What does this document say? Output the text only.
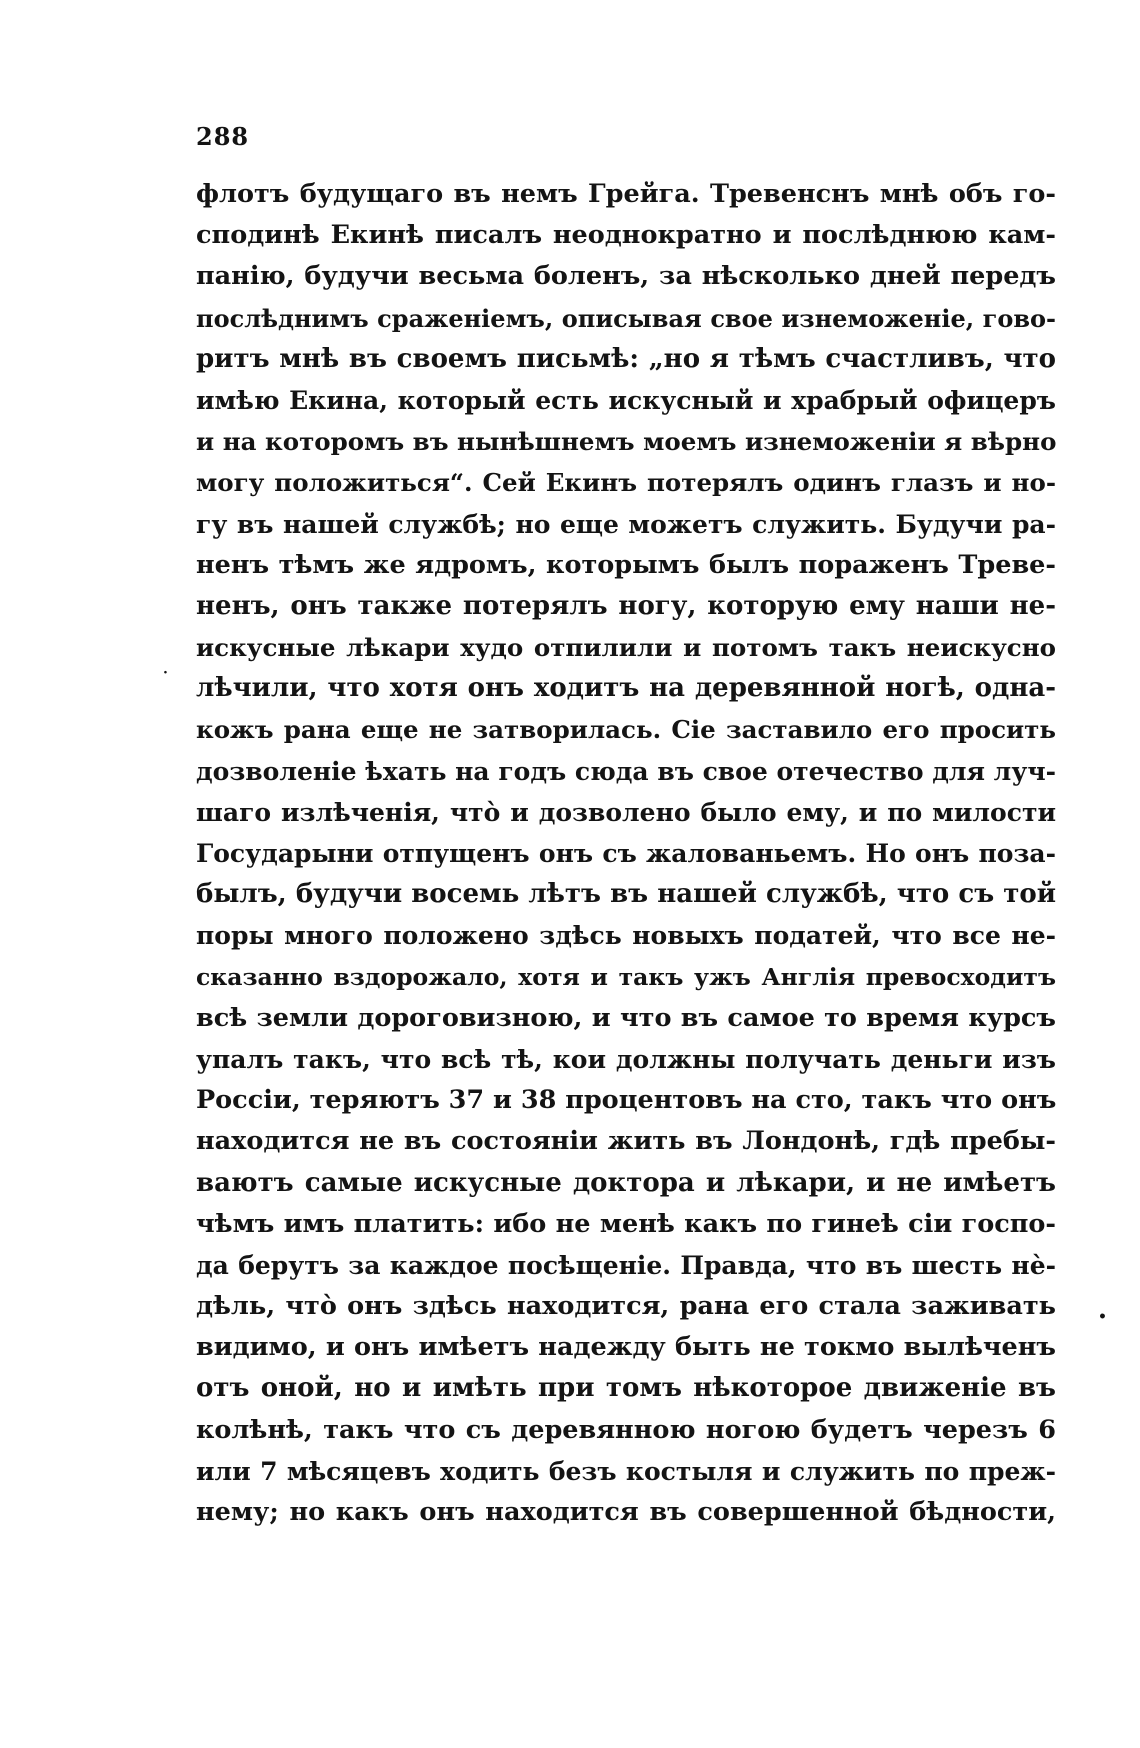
288
флотъ будущаго въ немъ Грейга. Тревенснъ мнѣ объ го-
сподинѣ Екинѣ писалъ неоднократно и послѣднюю кам-
панію, будучи весьма боленъ, за нѣсколько дней передъ
послѣднимъ сраженіемъ, описывая свое изнеможеніе, гово-
ритъ мнѣ въ своемъ письмѣ: „но я тѣмъ счастливъ, что
имѣю Екина, который есть искусный и храбрый офицеръ
и на которомъ въ нынѣшнемъ моемъ изнеможеніи я вѣрно
могу положиться“. Сей Екинъ потерялъ одинъ глазъ и но-
гу въ нашей службѣ; но еще можетъ служить. Будучи ра-
ненъ тѣмъ же ядромъ, которымъ былъ пораженъ Треве-
ненъ, онъ также потерялъ ногу, которую ему наши не-
искусные лѣкари худо отпилили и потомъ такъ неискусно
лѣчили, что хотя онъ ходитъ на деревянной ногѣ, одна-
кожъ рана еще не затворилась. Сіе заставило его просить
дозволеніе ѣхать на годъ сюда въ свое отечество для луч-
шаго излѣченія, что̀ и дозволено было ему, и по милости
Государыни отпущенъ онъ съ жалованьемъ. Но онъ поза-
былъ, будучи восемь лѣтъ въ нашей службѣ, что съ той
поры много положено здѣсь новыхъ податей, что все не-
сказанно вздорожало, хотя и такъ ужъ Англія превосходитъ
всѣ земли дороговизною, и что въ самое то время курсъ
упалъ такъ, что всѣ тѣ, кои должны получать деньги изъ
Россіи, теряютъ 37 и 38 процентовъ на сто, такъ что онъ
находится не въ состояніи жить въ Лондонѣ, гдѣ пребы-
ваютъ самые искусные доктора и лѣкари, и не имѣетъ
чѣмъ имъ платить: ибо не менѣ какъ по гинеѣ сіи госпо-
да берутъ за каждое посѣщеніе. Правда, что въ шесть нѐ-
дѣль, что̀ онъ здѣсь находится, рана его стала заживать
видимо, и онъ имѣетъ надежду быть не токмо вылѣченъ
отъ оной, но и имѣть при томъ нѣкоторое движеніе въ
колѣнѣ, такъ что съ деревянною ногою будетъ черезъ 6
или 7 мѣсяцевъ ходить безъ костыля и служить по преж-
нему; но какъ онъ находится въ совершенной бѣдности,
·
•
